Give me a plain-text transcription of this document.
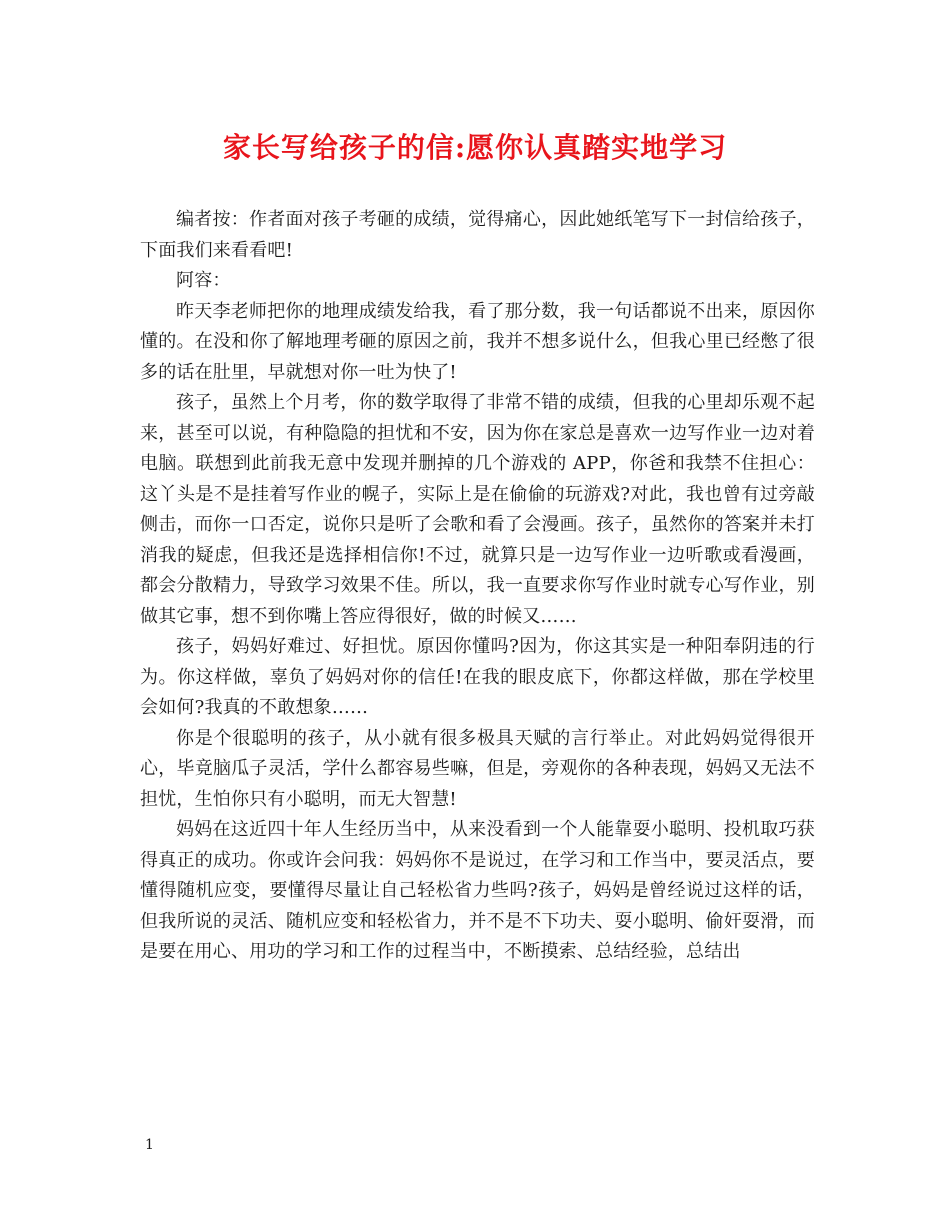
家长写给孩子的信:愿你认真踏实地学习

编者按：作者面对孩子考砸的成绩，觉得痛心，因此她纸笔写下一封信给孩子，下面我们来看看吧!

阿容：

昨天李老师把你的地理成绩发给我，看了那分数，我一句话都说不出来，原因你懂的。在没和你了解地理考砸的原因之前，我并不想多说什么，但我心里已经憋了很多的话在肚里，早就想对你一吐为快了!

孩子，虽然上个月考，你的数学取得了非常不错的成绩，但我的心里却乐观不起来，甚至可以说，有种隐隐的担忧和不安，因为你在家总是喜欢一边写作业一边对着电脑。联想到此前我无意中发现并删掉的几个游戏的 APP，你爸和我禁不住担心：这丫头是不是挂着写作业的幌子，实际上是在偷偷的玩游戏?对此，我也曾有过旁敲侧击，而你一口否定，说你只是听了会歌和看了会漫画。孩子，虽然你的答案并未打消我的疑虑，但我还是选择相信你!不过，就算只是一边写作业一边听歌或看漫画，都会分散精力，导致学习效果不佳。所以，我一直要求你写作业时就专心写作业，别做其它事，想不到你嘴上答应得很好，做的时候又……

孩子，妈妈好难过、好担忧。原因你懂吗?因为，你这其实是一种阳奉阴违的行为。你这样做，辜负了妈妈对你的信任!在我的眼皮底下，你都这样做，那在学校里会如何?我真的不敢想象……

你是个很聪明的孩子，从小就有很多极具天赋的言行举止。对此妈妈觉得很开心，毕竟脑瓜子灵活，学什么都容易些嘛，但是，旁观你的各种表现，妈妈又无法不担忧，生怕你只有小聪明，而无大智慧!

妈妈在这近四十年人生经历当中，从来没看到一个人能靠耍小聪明、投机取巧获得真正的成功。你或许会问我：妈妈你不是说过，在学习和工作当中，要灵活点，要懂得随机应变，要懂得尽量让自己轻松省力些吗?孩子，妈妈是曾经说过这样的话，但我所说的灵活、随机应变和轻松省力，并不是不下功夫、耍小聪明、偷奸耍滑，而是要在用心、用功的学习和工作的过程当中，不断摸索、总结经验，总结出

1
